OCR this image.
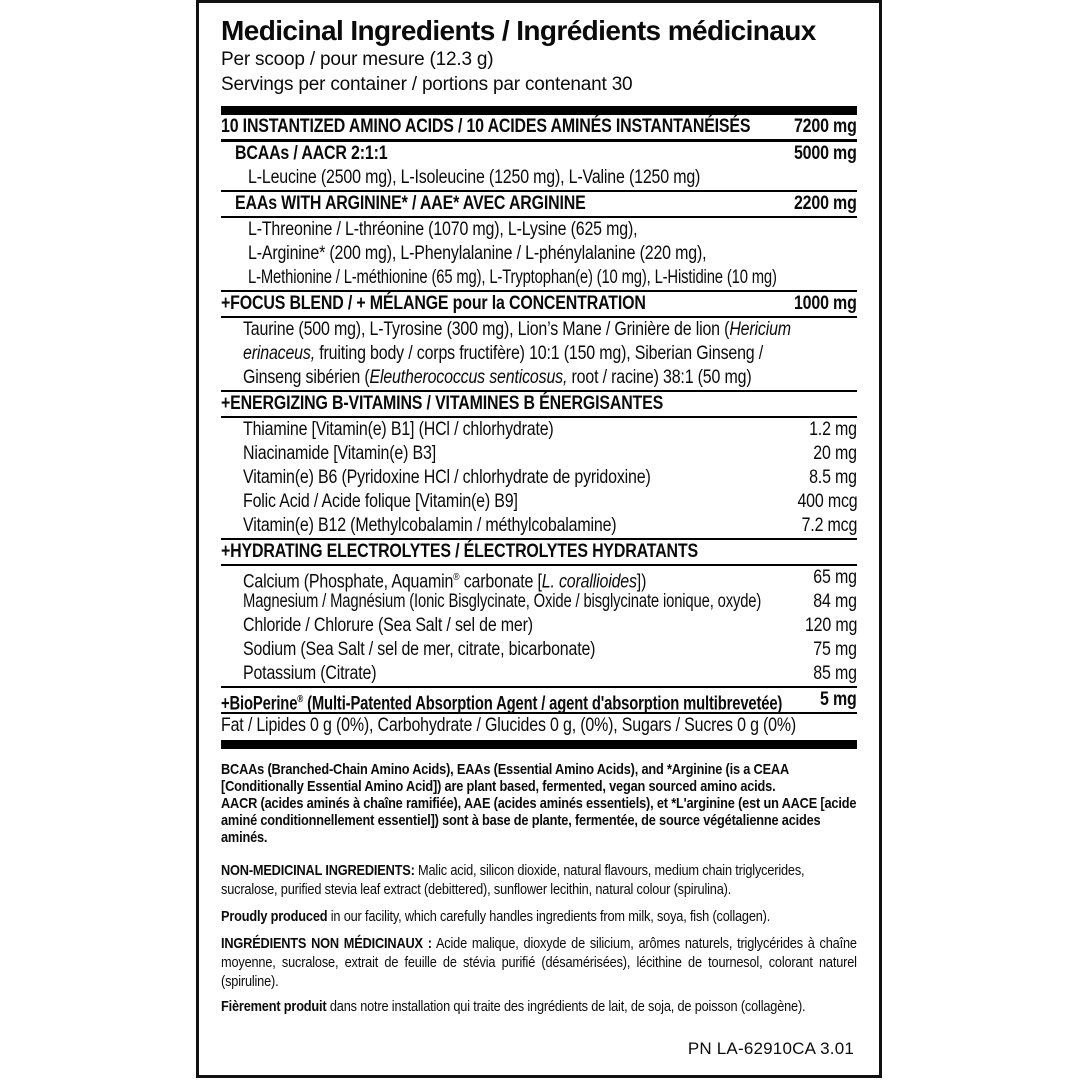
Medicinal Ingredients / Ingrédients médicinaux
Per scoop / pour mesure (12.3 g)
Servings per container / portions par contenant 30
10 INSTANTIZED AMINO ACIDS / 10 ACIDES AMINÉS INSTANTANÉISÉS 7200 mg
BCAAs / AACR 2:1:1	5000 mg
L-Leucine (2500 mg), L-Isoleucine (1250 mg), L-Valine (1250 mg)
EAAs WITH ARGININE* / AAE* AVEC ARGININE	2200 mg
L-Threonine / L-thréonine (1070 mg), L-Lysine (625 mg),
L-Arginine* (200 mg), L-Phenylalanine / L-phénylalanine (220 mg),
L-Methionine / L-méthionine (65 mg), L-Tryptophan(e) (10 mg), L-Histidine (10 mg)
+FOCUS BLEND / + MÉLANGE pour la CONCENTRATION	1000 mg
Taurine (500 mg), L-Tyrosine (300 mg), Lion’s Mane / Grinière de lion (Hericium
erinaceus, fruiting body / corps fructifère) 10:1 (150 mg), Siberian Ginseng /
Ginseng sibérien (Eleutherococcus senticosus, root / racine) 38:1 (50 mg)
+ENERGIZING B-VITAMINS / VITAMINES B ÉNERGISANTES
Thiamine [Vitamin(e) B1] (HCl / chlorhydrate)	1.2 mg
Niacinamide [Vitamin(e) B3]	20 mg
Vitamin(e) B6 (Pyridoxine HCl / chlorhydrate de pyridoxine)	8.5 mg
Folic Acid / Acide folique [Vitamin(e) B9]	400 mcg
Vitamin(e) B12 (Methylcobalamin / méthylcobalamine)	7.2 mcg
+HYDRATING ELECTROLYTES / ÉLECTROLYTES HYDRATANTS
Calcium (Phosphate, Aquamin® carbonate [L. corallioides])	65 mg
Magnesium / Magnésium (Ionic Bisglycinate, Oxide / bisglycinate ionique, oxyde)	84 mg
Chloride / Chlorure (Sea Salt / sel de mer)	120 mg
Sodium (Sea Salt / sel de mer, citrate, bicarbonate)	75 mg
Potassium (Citrate)	85 mg
+BioPerine® (Multi-Patented Absorption Agent / agent d'absorption multibrevetée) 5 mg
Fat / Lipides 0 g (0%), Carbohydrate / Glucides 0 g, (0%), Sugars / Sucres 0 g (0%)

BCAAs (Branched-Chain Amino Acids), EAAs (Essential Amino Acids), and *Arginine (is a CEAA [Conditionally Essential Amino Acid]) are plant based, fermented, vegan sourced amino acids.

AACR (acides aminés à chaîne ramifiée), AAE (acides aminés essentiels), et *L'arginine (est un AACE [acide aminé conditionnellement essentiel]) sont à base de plante, fermentée, de source végétalienne acides aminés.

NON-MEDICINAL INGREDIENTS: Malic acid, silicon dioxide, natural flavours, medium chain triglycerides, sucralose, purified stevia leaf extract (debittered), sunflower lecithin, natural colour (spirulina).

Proudly produced in our facility, which carefully handles ingredients from milk, soya, fish (collagen).

INGRÉDIENTS NON MÉDICINAUX : Acide malique, dioxyde de silicium, arômes naturels, triglycérides à chaîne moyenne, sucralose, extrait de feuille de stévia purifié (désamérisées), lécithine de tournesol, colorant naturel (spiruline).

Fièrement produit dans notre installation qui traite des ingrédients de lait, de soja, de poisson (collagène).

PN LA-62910CA 3.01
